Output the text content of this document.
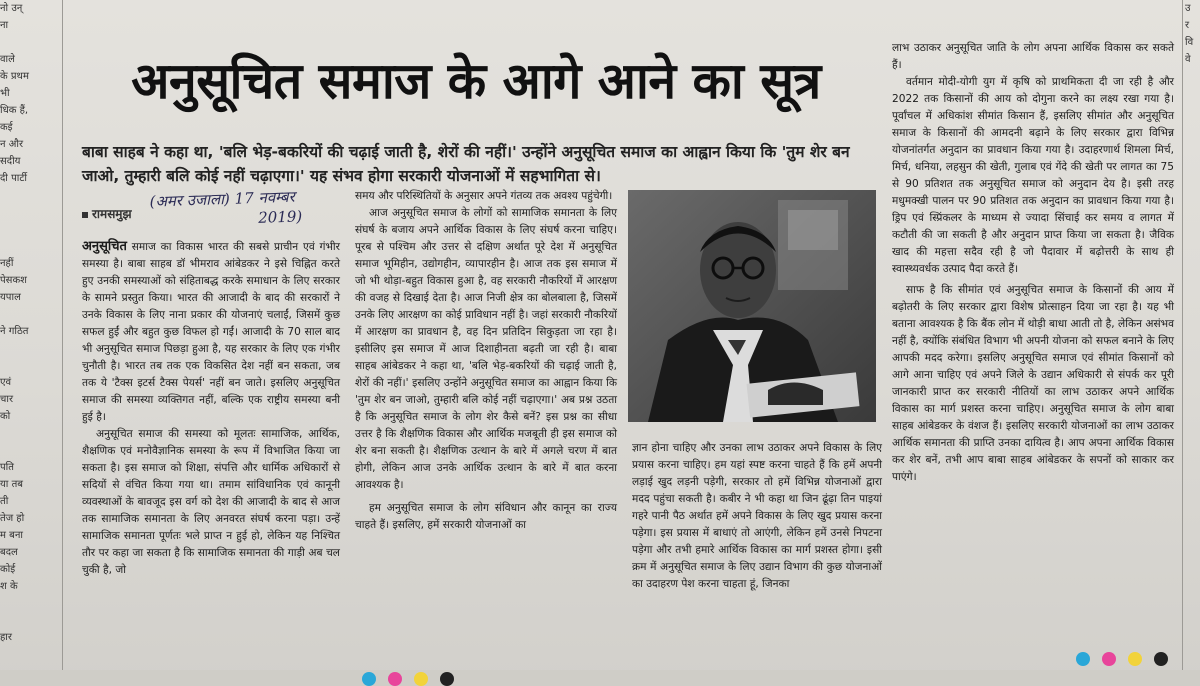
नो उन्
ना
वाले
के प्रथम
भी
धिक हैं,
कई
न और
सदीय
दी पार्टी
नहीं
पेसकश
यपाल
ने गठित
एवं
चार
को
पति
या तब
ती
तेज हो
म बना
बदल
कोई
श के
हार
अनुसूचित समाज के आगे आने का सूत्र
बाबा साहब ने कहा था, 'बलि भेड़-बकरियों की चढ़ाई जाती है, शेरों की नहीं।' उन्होंने अनुसूचित समाज का आह्वान किया कि 'तुम शेर बन जाओ, तुम्हारी बलि कोई नहीं चढ़ाएगा।' यह संभव होगा सरकारी योजनाओं में सहभागिता से।
रामसमुझ
(अमर उजाला) 17 नवम्बर
2019)

अनुसूचित समाज का विकास भारत की सबसे प्राचीन एवं गंभीर समस्या है। बाबा साहब डॉ भीमराव आंबेडकर ने इसे चिह्नित करते हुए उनकी समस्याओं को संहिताबद्ध करके समाधान के लिए सरकार के सामने प्रस्तुत किया। भारत की आजादी के बाद की सरकारों ने उनके विकास के लिए नाना प्रकार की योजनाएं चलाईं, जिसमें कुछ सफल हुईं और बहुत कुछ विफल हो गईं। आजादी के 70 साल बाद भी अनुसूचित समाज पिछड़ा हुआ है, यह सरकार के लिए एक गंभीर चुनौती है। भारत तब तक एक विकसित देश नहीं बन सकता, जब तक ये 'टैक्स इटर्स टैक्स पेयर्स' नहीं बन जाते। इसलिए अनुसूचित समाज की समस्या व्यक्तिगत नहीं, बल्कि एक राष्ट्रीय समस्या बनी हुई है।

अनुसूचित समाज की समस्या को मूलतः सामाजिक, आर्थिक, शैक्षणिक एवं मनोवैज्ञानिक समस्या के रूप में विभाजित किया जा सकता है। इस समाज को शिक्षा, संपत्ति और धार्मिक अधिकारों से सदियों से वंचित किया गया था। तमाम सांविधानिक एवं कानूनी व्यवस्थाओं के बावजूद इस वर्ग को देश की आजादी के बाद से आज तक सामाजिक समानता के लिए अनवरत संघर्ष करना पड़ा। उन्हें सामाजिक समानता पूर्णतः भले प्राप्त न हुई हो, लेकिन यह निश्चित तौर पर कहा जा सकता है कि सामाजिक समानता की गाड़ी अब चल चुकी है, जो

समय और परिस्थितियों के अनुसार अपने गंतव्य तक अवश्य पहुंचेगी।

आज अनुसूचित समाज के लोगों को सामाजिक समानता के लिए संघर्ष के बजाय अपने आर्थिक विकास के लिए संघर्ष करना चाहिए। पूरब से पश्चिम और उत्तर से दक्षिण अर्थात पूरे देश में अनुसूचित समाज भूमिहीन, उद्योगहीन, व्यापारहीन है। आज तक इस समाज में जो भी थोड़ा-बहुत विकास हुआ है, वह सरकारी नौकरियों में आरक्षण की वजह से दिखाई देता है। आज निजी क्षेत्र का बोलबाला है, जिसमें उनके लिए आरक्षण का कोई प्राविधान नहीं है। जहां सरकारी नौकरियों में आरक्षण का प्रावधान है, वह दिन प्रतिदिन सिकुड़ता जा रहा है। इसीलिए इस समाज में आज दिशाहीनता बढ़ती जा रही है। बाबा साहब आंबेडकर ने कहा था, 'बलि भेड़-बकरियों की चढ़ाई जाती है, शेरों की नहीं।' इसलिए उन्होंने अनुसूचित समाज का आह्वान किया कि 'तुम शेर बन जाओ, तुम्हारी बलि कोई नहीं चढ़ाएगा।' अब प्रश्न उठता है कि अनुसूचित समाज के लोग शेर कैसे बनें? इस प्रश्न का सीधा उत्तर है कि शैक्षणिक विकास और आर्थिक मजबूती ही इस समाज को शेर बना सकती है। शैक्षणिक उत्थान के बारे में अगले चरण में बात होगी, लेकिन आज उनके आर्थिक उत्थान के बारे में बात करना आवश्यक है।

हम अनुसूचित समाज के लोग संविधान और कानून का राज्य चाहते हैं। इसलिए, हमें सरकारी योजनाओं का

ज्ञान होना चाहिए और उनका लाभ उठाकर अपने विकास के लिए प्रयास करना चाहिए। हम यहां स्पष्ट करना चाहते हैं कि हमें अपनी लड़ाई खुद लड़नी पड़ेगी, सरकार तो हमें विभिन्न योजनाओं द्वारा मदद पहुंचा सकती है। कबीर ने भी कहा था जिन ढूंढ़ा तिन पाइयां गहरे पानी पैठ अर्थात हमें अपने विकास के लिए खुद प्रयास करना पड़ेगा। इस प्रयास में बाधाएं तो आएंगी, लेकिन हमें उनसे निपटना पड़ेगा और तभी हमारे आर्थिक विकास का मार्ग प्रशस्त होगा। इसी क्रम में अनुसूचित समाज के लिए उद्यान विभाग की कुछ योजनाओं का उदाहरण पेश करना चाहता हूं, जिनका

लाभ उठाकर अनुसूचित जाति के लोग अपना आर्थिक विकास कर सकते हैं।

वर्तमान मोदी-योगी युग में कृषि को प्राथमिकता दी जा रही है और 2022 तक किसानों की आय को दोगुना करने का लक्ष्य रखा गया है। पूर्वांचल में अधिकांश सीमांत किसान हैं, इसलिए सीमांत और अनुसूचित समाज के किसानों की आमदनी बढ़ाने के लिए सरकार द्वारा विभिन्न योजनांतर्गत अनुदान का प्रावधान किया गया है। उदाहरणार्थ शिमला मिर्च, मिर्च, धनिया, लहसुन की खेती, गुलाब एवं गेंदे की खेती पर लागत का 75 से 90 प्रतिशत तक अनुसूचित समाज को अनुदान देय है। इसी तरह मधुमक्खी पालन पर 90 प्रतिशत तक अनुदान का प्रावधान किया गया है। ड्रिप एवं स्प्रिंकलर के माध्यम से ज्यादा सिंचाई कर समय व लागत में कटौती की जा सकती है और अनुदान प्राप्त किया जा सकता है। जैविक खाद की महत्ता सदैव रही है जो पैदावार में बढ़ोत्तरी के साथ ही स्वास्थ्यवर्धक उत्पाद पैदा करते हैं।

साफ है कि सीमांत एवं अनुसूचित समाज के किसानों की आय में बढ़ोतरी के लिए सरकार द्वारा विशेष प्रोत्साहन दिया जा रहा है। यह भी बताना आवश्यक है कि बैंक लोन में थोड़ी बाधा आती तो है, लेकिन असंभव नहीं है, क्योंकि संबंधित विभाग भी अपनी योजना को सफल बनाने के लिए आपकी मदद करेगा। इसलिए अनुसूचित समाज एवं सीमांत किसानों को आगे आना चाहिए एवं अपने जिले के उद्यान अधिकारी से संपर्क कर पूरी जानकारी प्राप्त कर सरकारी नीतियों का लाभ उठाकर अपने आर्थिक विकास का मार्ग प्रशस्त करना चाहिए। अनुसूचित समाज के लोग बाबा साहब आंबेडकर के वंशज हैं। इसलिए सरकारी योजनाओं का लाभ उठाकर आर्थिक समानता की प्राप्ति उनका दायित्व है। आप अपना आर्थिक विकास कर शेर बनें, तभी आप बाबा साहब आंबेडकर के सपनों को साकार कर पाएंगे।

उ
र
वि
वे
